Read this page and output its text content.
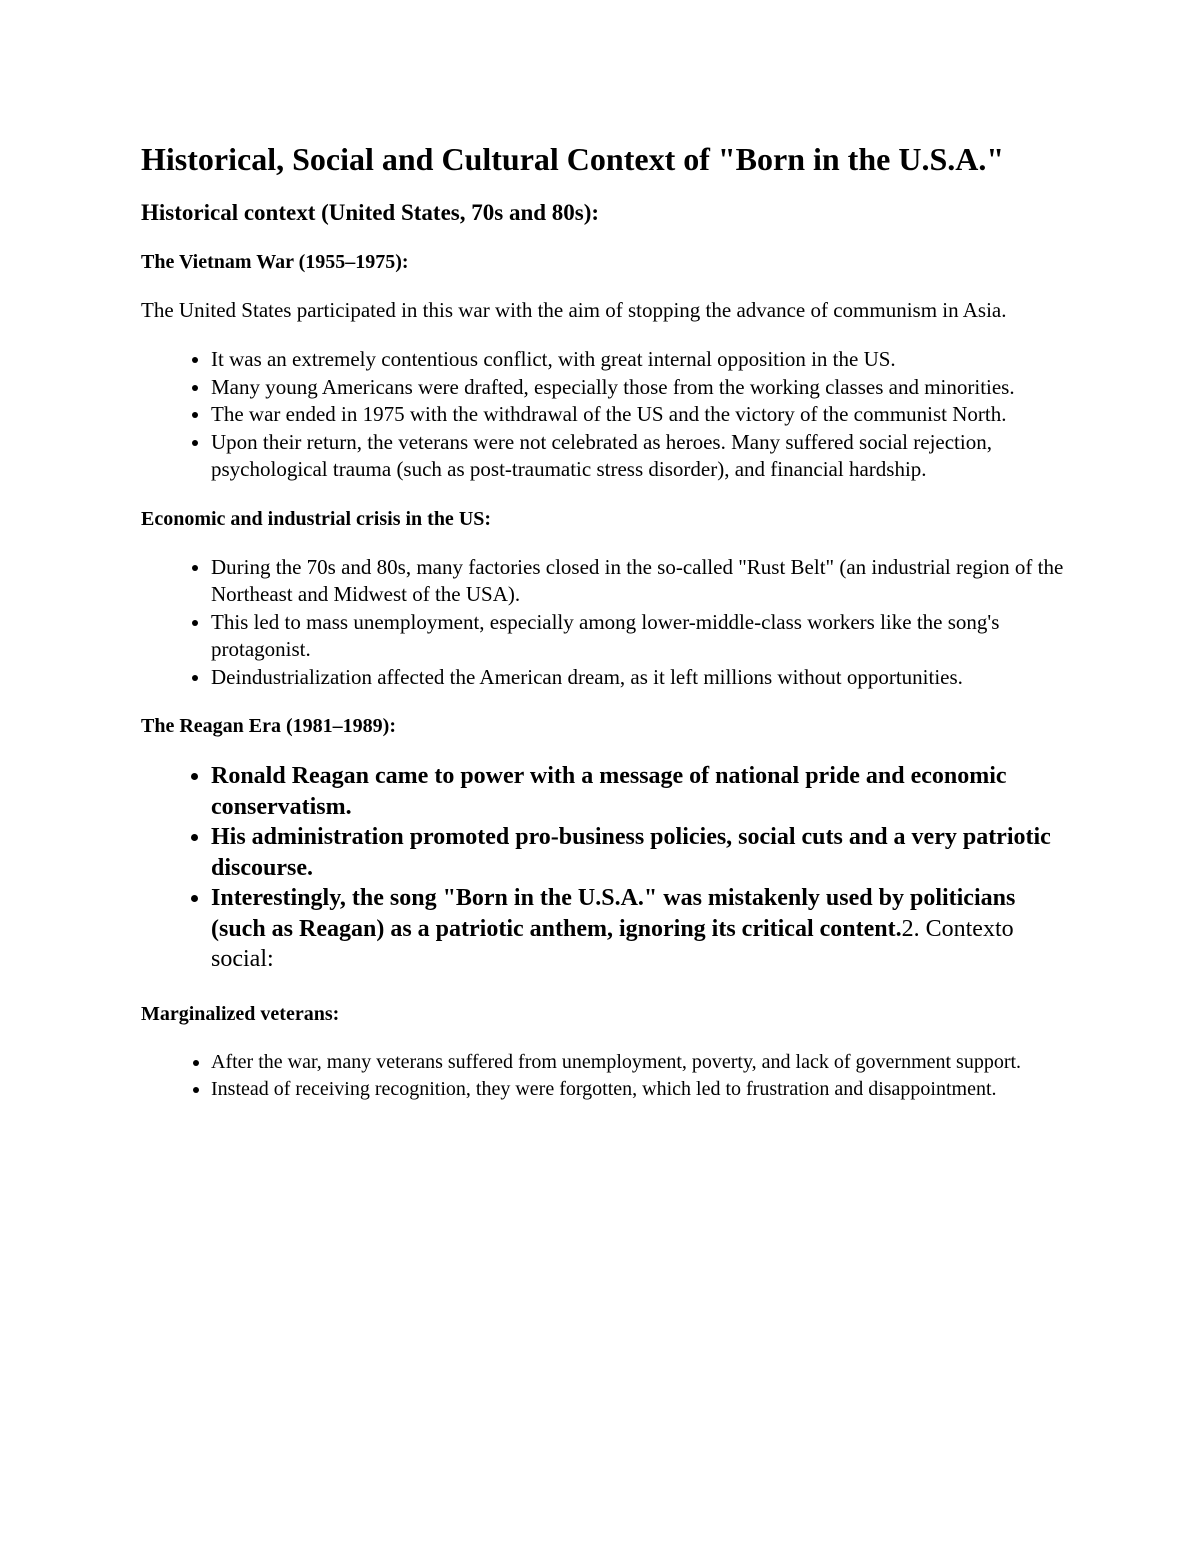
Historical, Social and Cultural Context of "Born in the U.S.A."
Historical context (United States, 70s and 80s):
The Vietnam War (1955–1975):

The United States participated in this war with the aim of stopping the advance of communism in Asia.

• It was an extremely contentious conflict, with great internal opposition in the US.
• Many young Americans were drafted, especially those from the working classes and minorities.
• The war ended in 1975 with the withdrawal of the US and the victory of the communist North.
• Upon their return, the veterans were not celebrated as heroes. Many suffered social rejection, psychological trauma (such as post-traumatic stress disorder), and financial hardship.
Economic and industrial crisis in the US:
• During the 70s and 80s, many factories closed in the so-called "Rust Belt" (an industrial region of the Northeast and Midwest of the USA).
• This led to mass unemployment, especially among lower-middle-class workers like the song's protagonist.
• Deindustrialization affected the American dream, as it left millions without opportunities.
The Reagan Era (1981–1989):
• Ronald Reagan came to power with a message of national pride and economic conservatism.
• His administration promoted pro-business policies, social cuts and a very patriotic discourse.
• Interestingly, the song "Born in the U.S.A." was mistakenly used by politicians (such as Reagan) as a patriotic anthem, ignoring its critical content.2. Contexto social:
Marginalized veterans:
• After the war, many veterans suffered from unemployment, poverty, and lack of government support.
• Instead of receiving recognition, they were forgotten, which led to frustration and disappointment.
